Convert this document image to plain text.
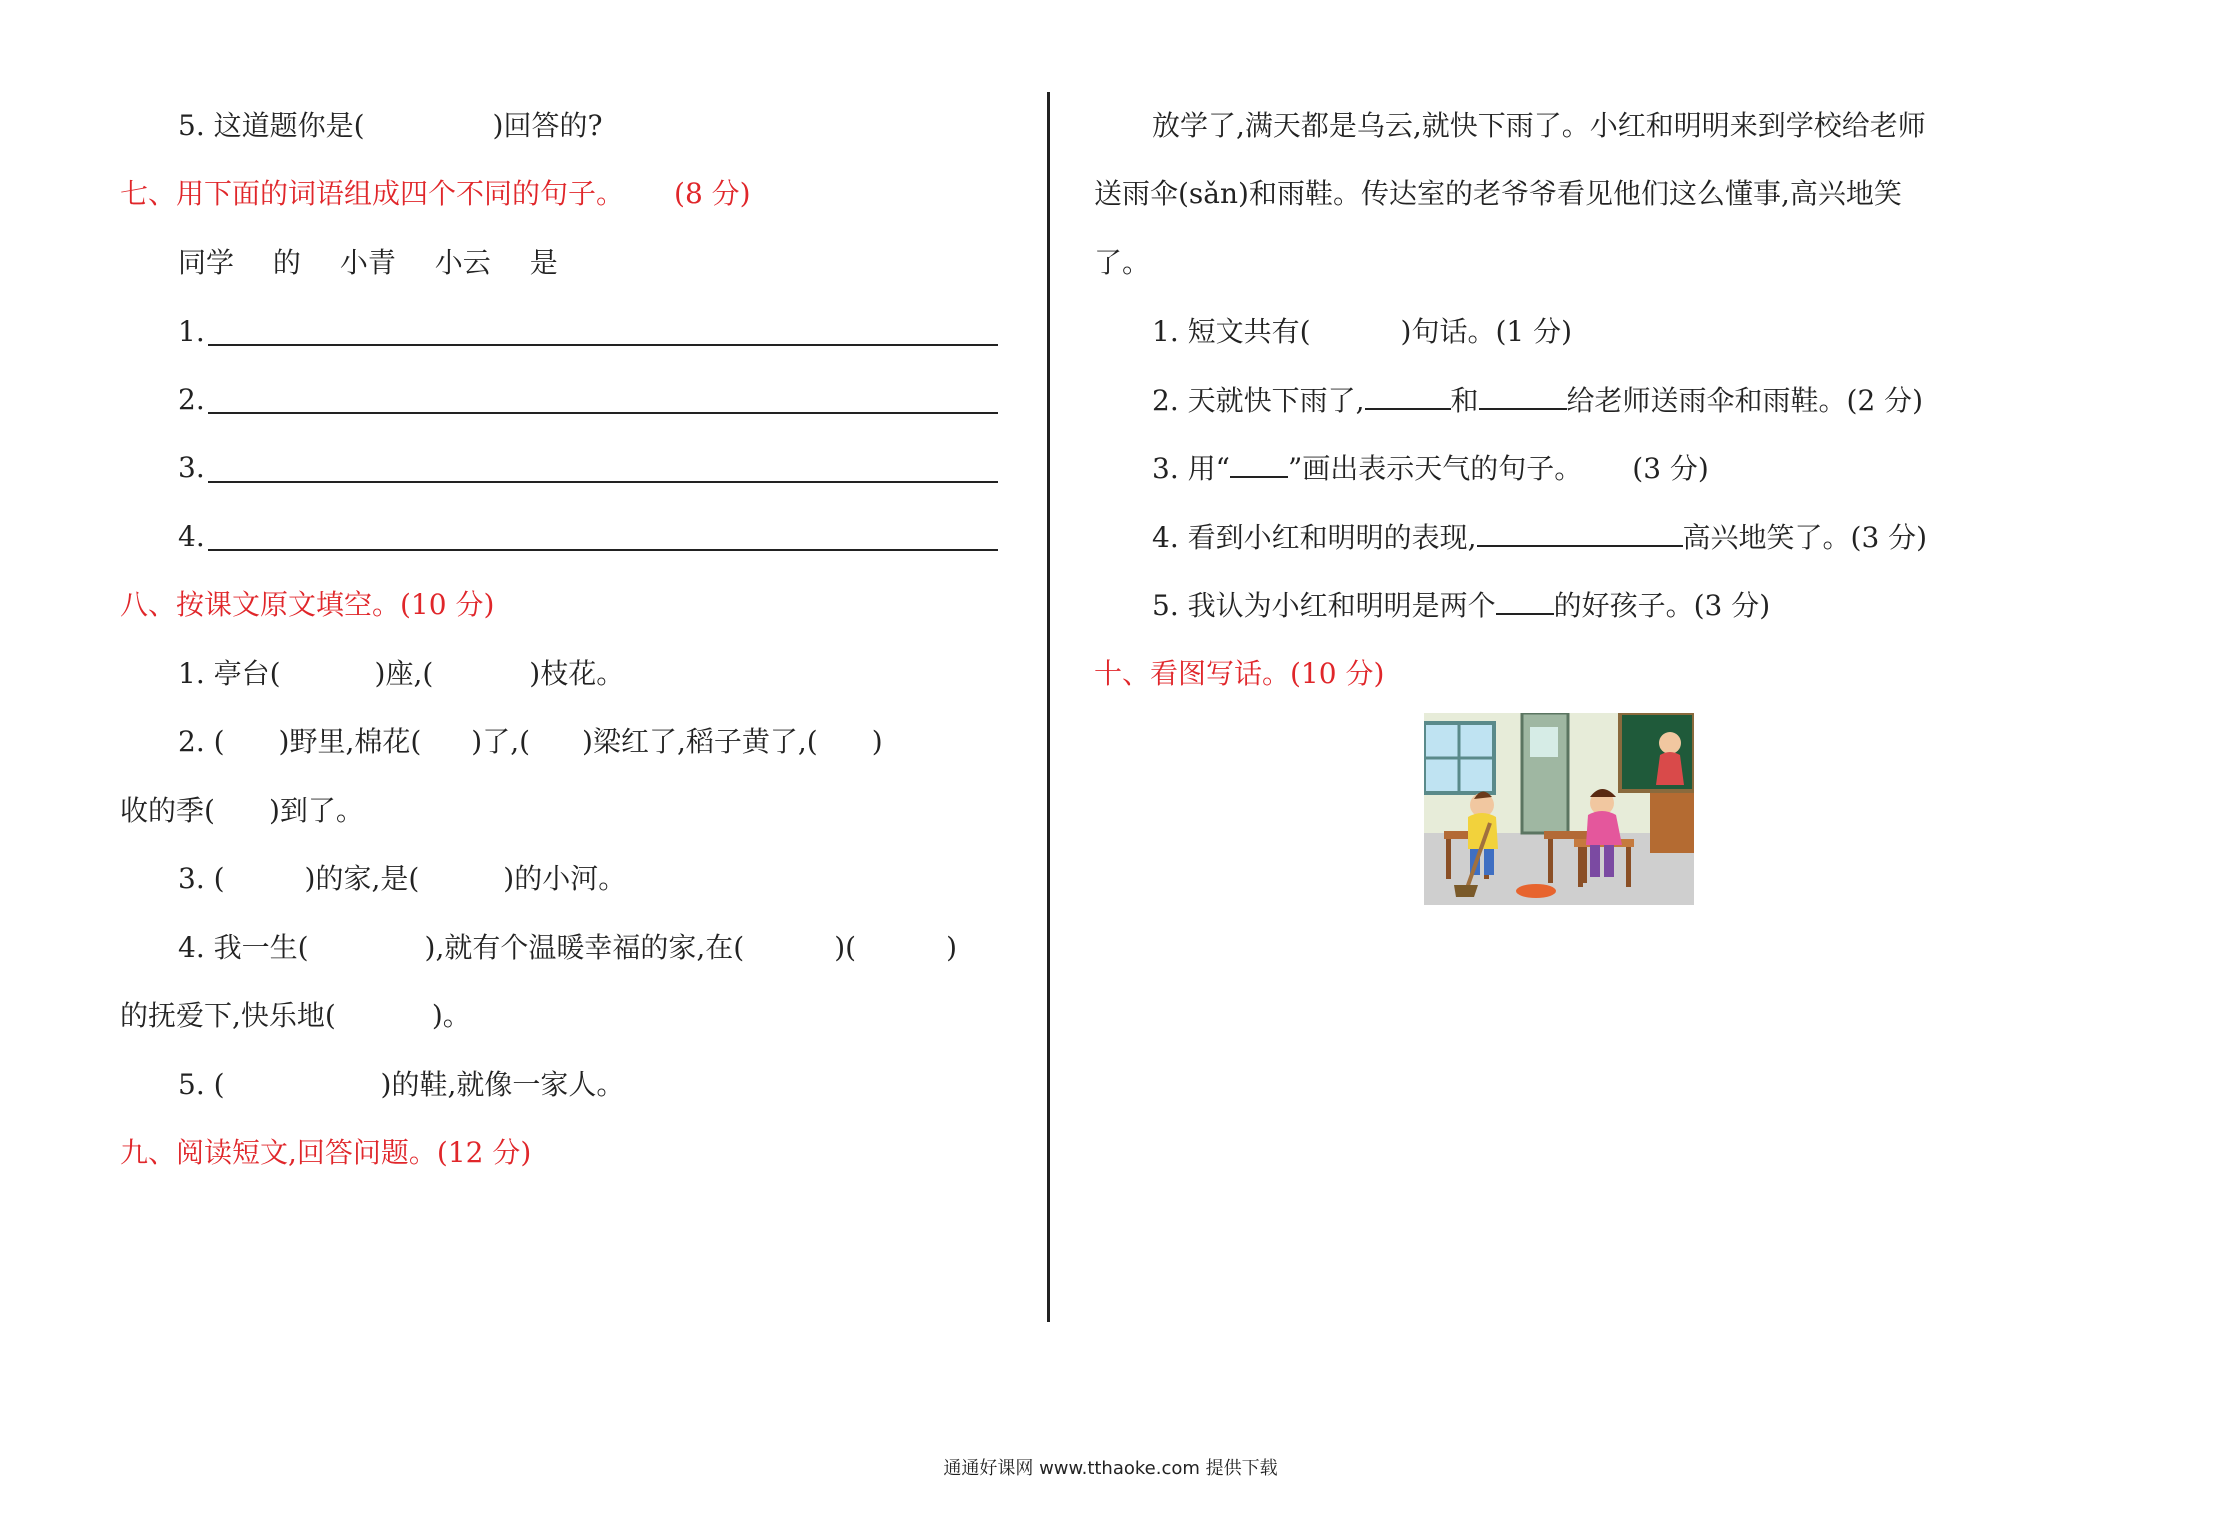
5. 这道题你是(	)回答的?
七、用下面的词语组成四个不同的句子。 (8 分)
同学 的 小青 小云 是
1.
2.
3.
4.
八、按课文原文填空。(10 分)
1. 亭台(	)座,(	)枝花。
2. ( )野里,棉花( )了,( )梁红了,稻子黄了,( )
收的季( )到了。
3. (	)的家,是(	)的小河。
4. 我一生(	),就有个温暖幸福的家,在(	)(	)
的抚爱下,快乐地(	)。
5. (	)的鞋,就像一家人。
九、阅读短文,回答问题。(12 分)
放学了,满天都是乌云,就快下雨了。小红和明明来到学校给老师
送雨伞(sǎn)和雨鞋。传达室的老爷爷看见他们这么懂事,高兴地笑
了。
1. 短文共有(	)句话。(1 分)
2. 天就快下雨了,	和	给老师送雨伞和雨鞋。(2 分)
3. 用“ ”画出表示天气的句子。 (3 分)
4. 看到小红和明明的表现,	高兴地笑了。(3 分)
5. 我认为小红和明明是两个 的好孩子。(3 分)
十、看图写话。(10 分)
通通好课网 www.tthaoke.com 提供下载
